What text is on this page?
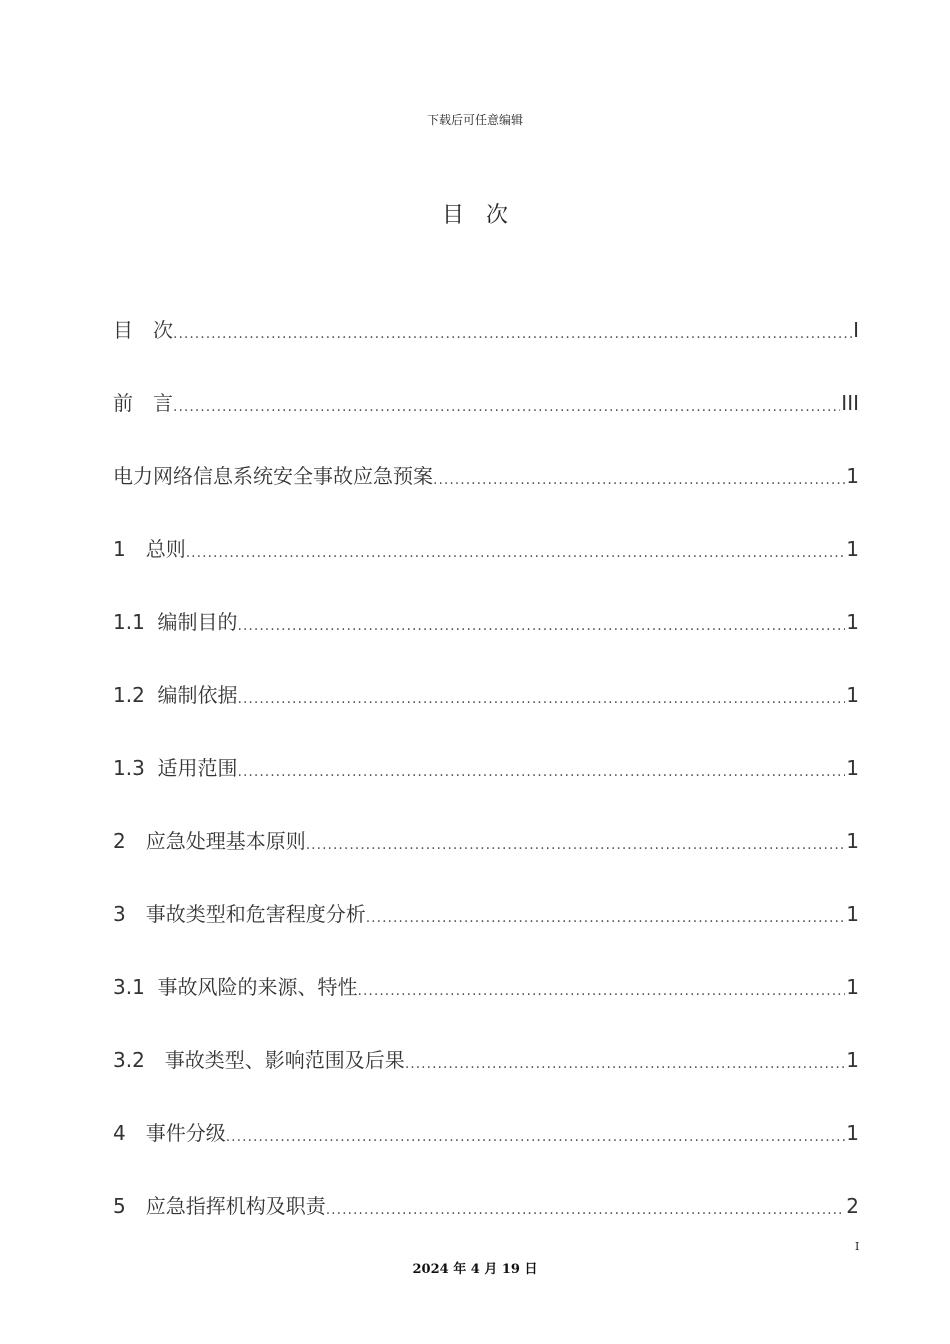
下载后可任意编辑
目 次
目　次 .....	I
前　言 .....	III
电力网络信息系统安全事故应急预案 .....	1
1　 总则 .....	1
1.1 编制目的 .....	1
1.2 编制依据 .....	1
1.3 适用范围 .....	1
2　 应急处理基本原则 .....	1
3　 事故类型和危害程度分析 .....	1
3.1 事故风险的来源、特性 .....	1
3.2　 事故类型、影响范围及后果 .....	1
4　 事件分级 .....	1
5　 应急指挥机构及职责 .....	2
I
2024 年 4 月 19 日
